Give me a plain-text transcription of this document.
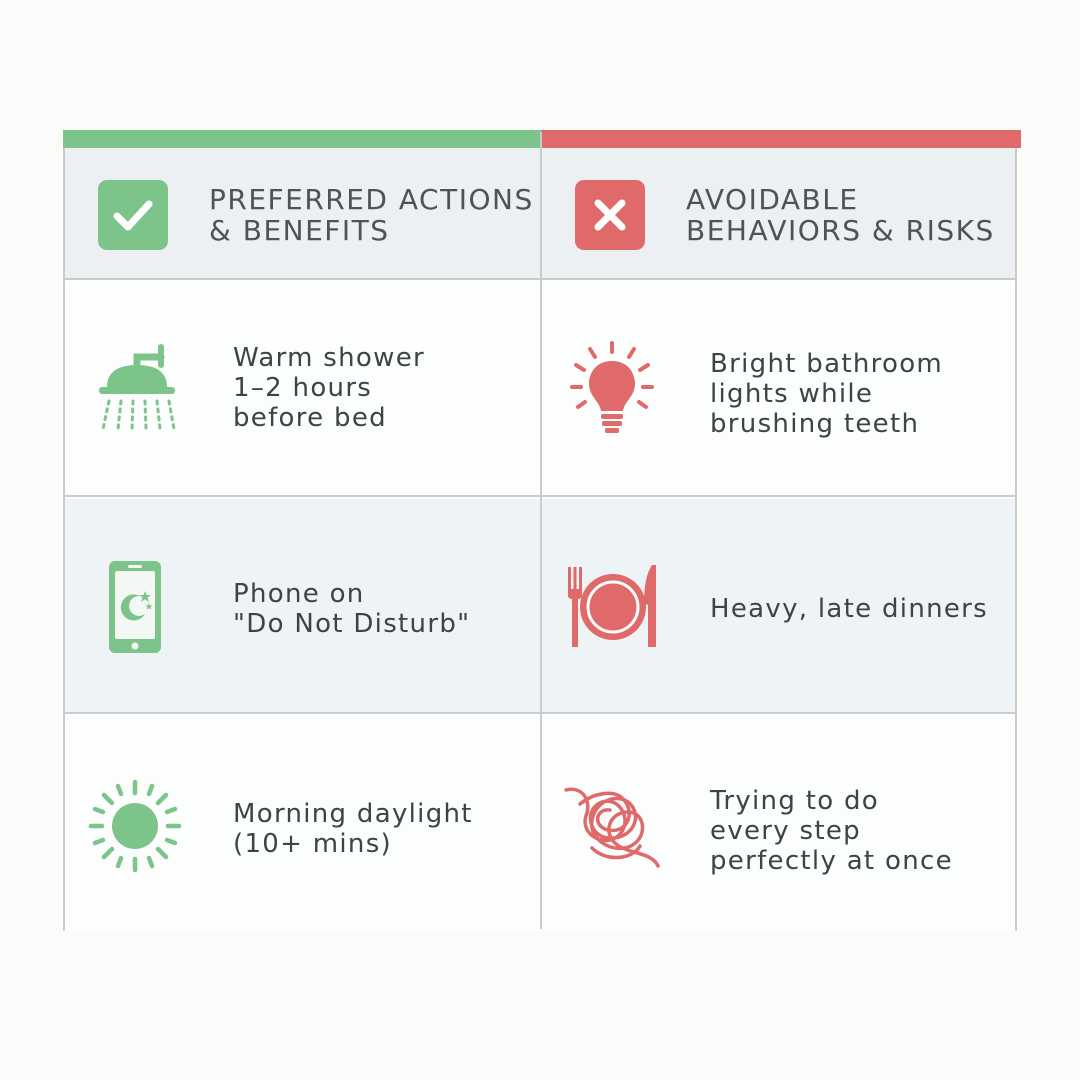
PREFERRED ACTIONS
& BENEFITS
AVOIDABLE
BEHAVIORS & RISKS
Warm shower
1–2 hours
before bed
Bright bathroom
lights while
brushing teeth
Phone on
"Do Not Disturb"	Heavy, late dinners
Morning daylight
(10+ mins)
Trying to do
every step
perfectly at once
